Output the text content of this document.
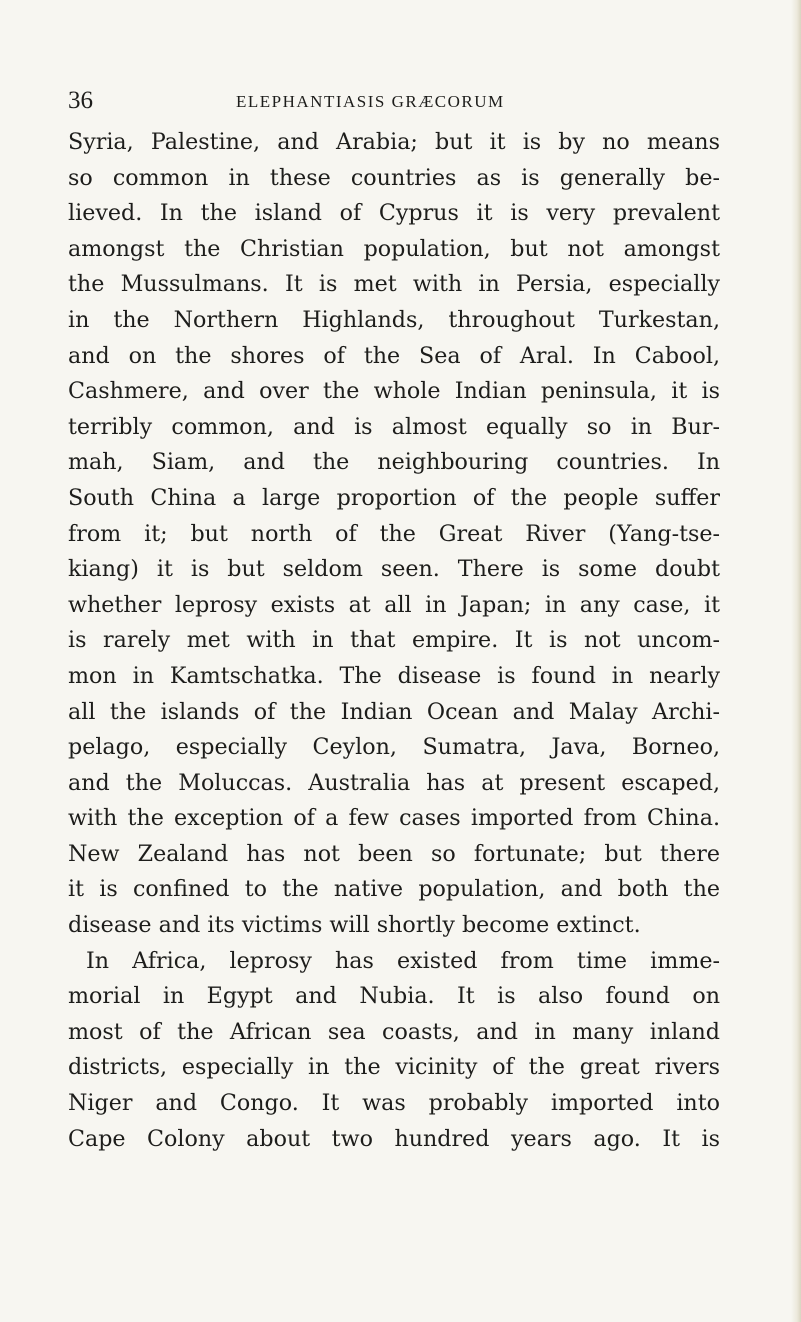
36	ELEPHANTIASIS GRÆCORUM
Syria, Palestine, and Arabia; but it is by no means
so common in these countries as is generally be-
lieved. In the island of Cyprus it is very prevalent
amongst the Christian population, but not amongst
the Mussulmans. It is met with in Persia, especially
in the Northern Highlands, throughout Turkestan,
and on the shores of the Sea of Aral. In Cabool,
Cashmere, and over the whole Indian peninsula, it is
terribly common, and is almost equally so in Bur-
mah, Siam, and the neighbouring countries. In
South China a large proportion of the people suffer
from it; but north of the Great River (Yang-tse-
kiang) it is but seldom seen. There is some doubt
whether leprosy exists at all in Japan; in any case, it
is rarely met with in that empire. It is not uncom-
mon in Kamtschatka. The disease is found in nearly
all the islands of the Indian Ocean and Malay Archi-
pelago, especially Ceylon, Sumatra, Java, Borneo,
and the Moluccas. Australia has at present escaped,
with the exception of a few cases imported from China.
New Zealand has not been so fortunate; but there
it is confined to the native population, and both the
disease and its victims will shortly become extinct.
In Africa, leprosy has existed from time imme-
morial in Egypt and Nubia. It is also found on
most of the African sea coasts, and in many inland
districts, especially in the vicinity of the great rivers
Niger and Congo. It was probably imported into
Cape Colony about two hundred years ago. It is
